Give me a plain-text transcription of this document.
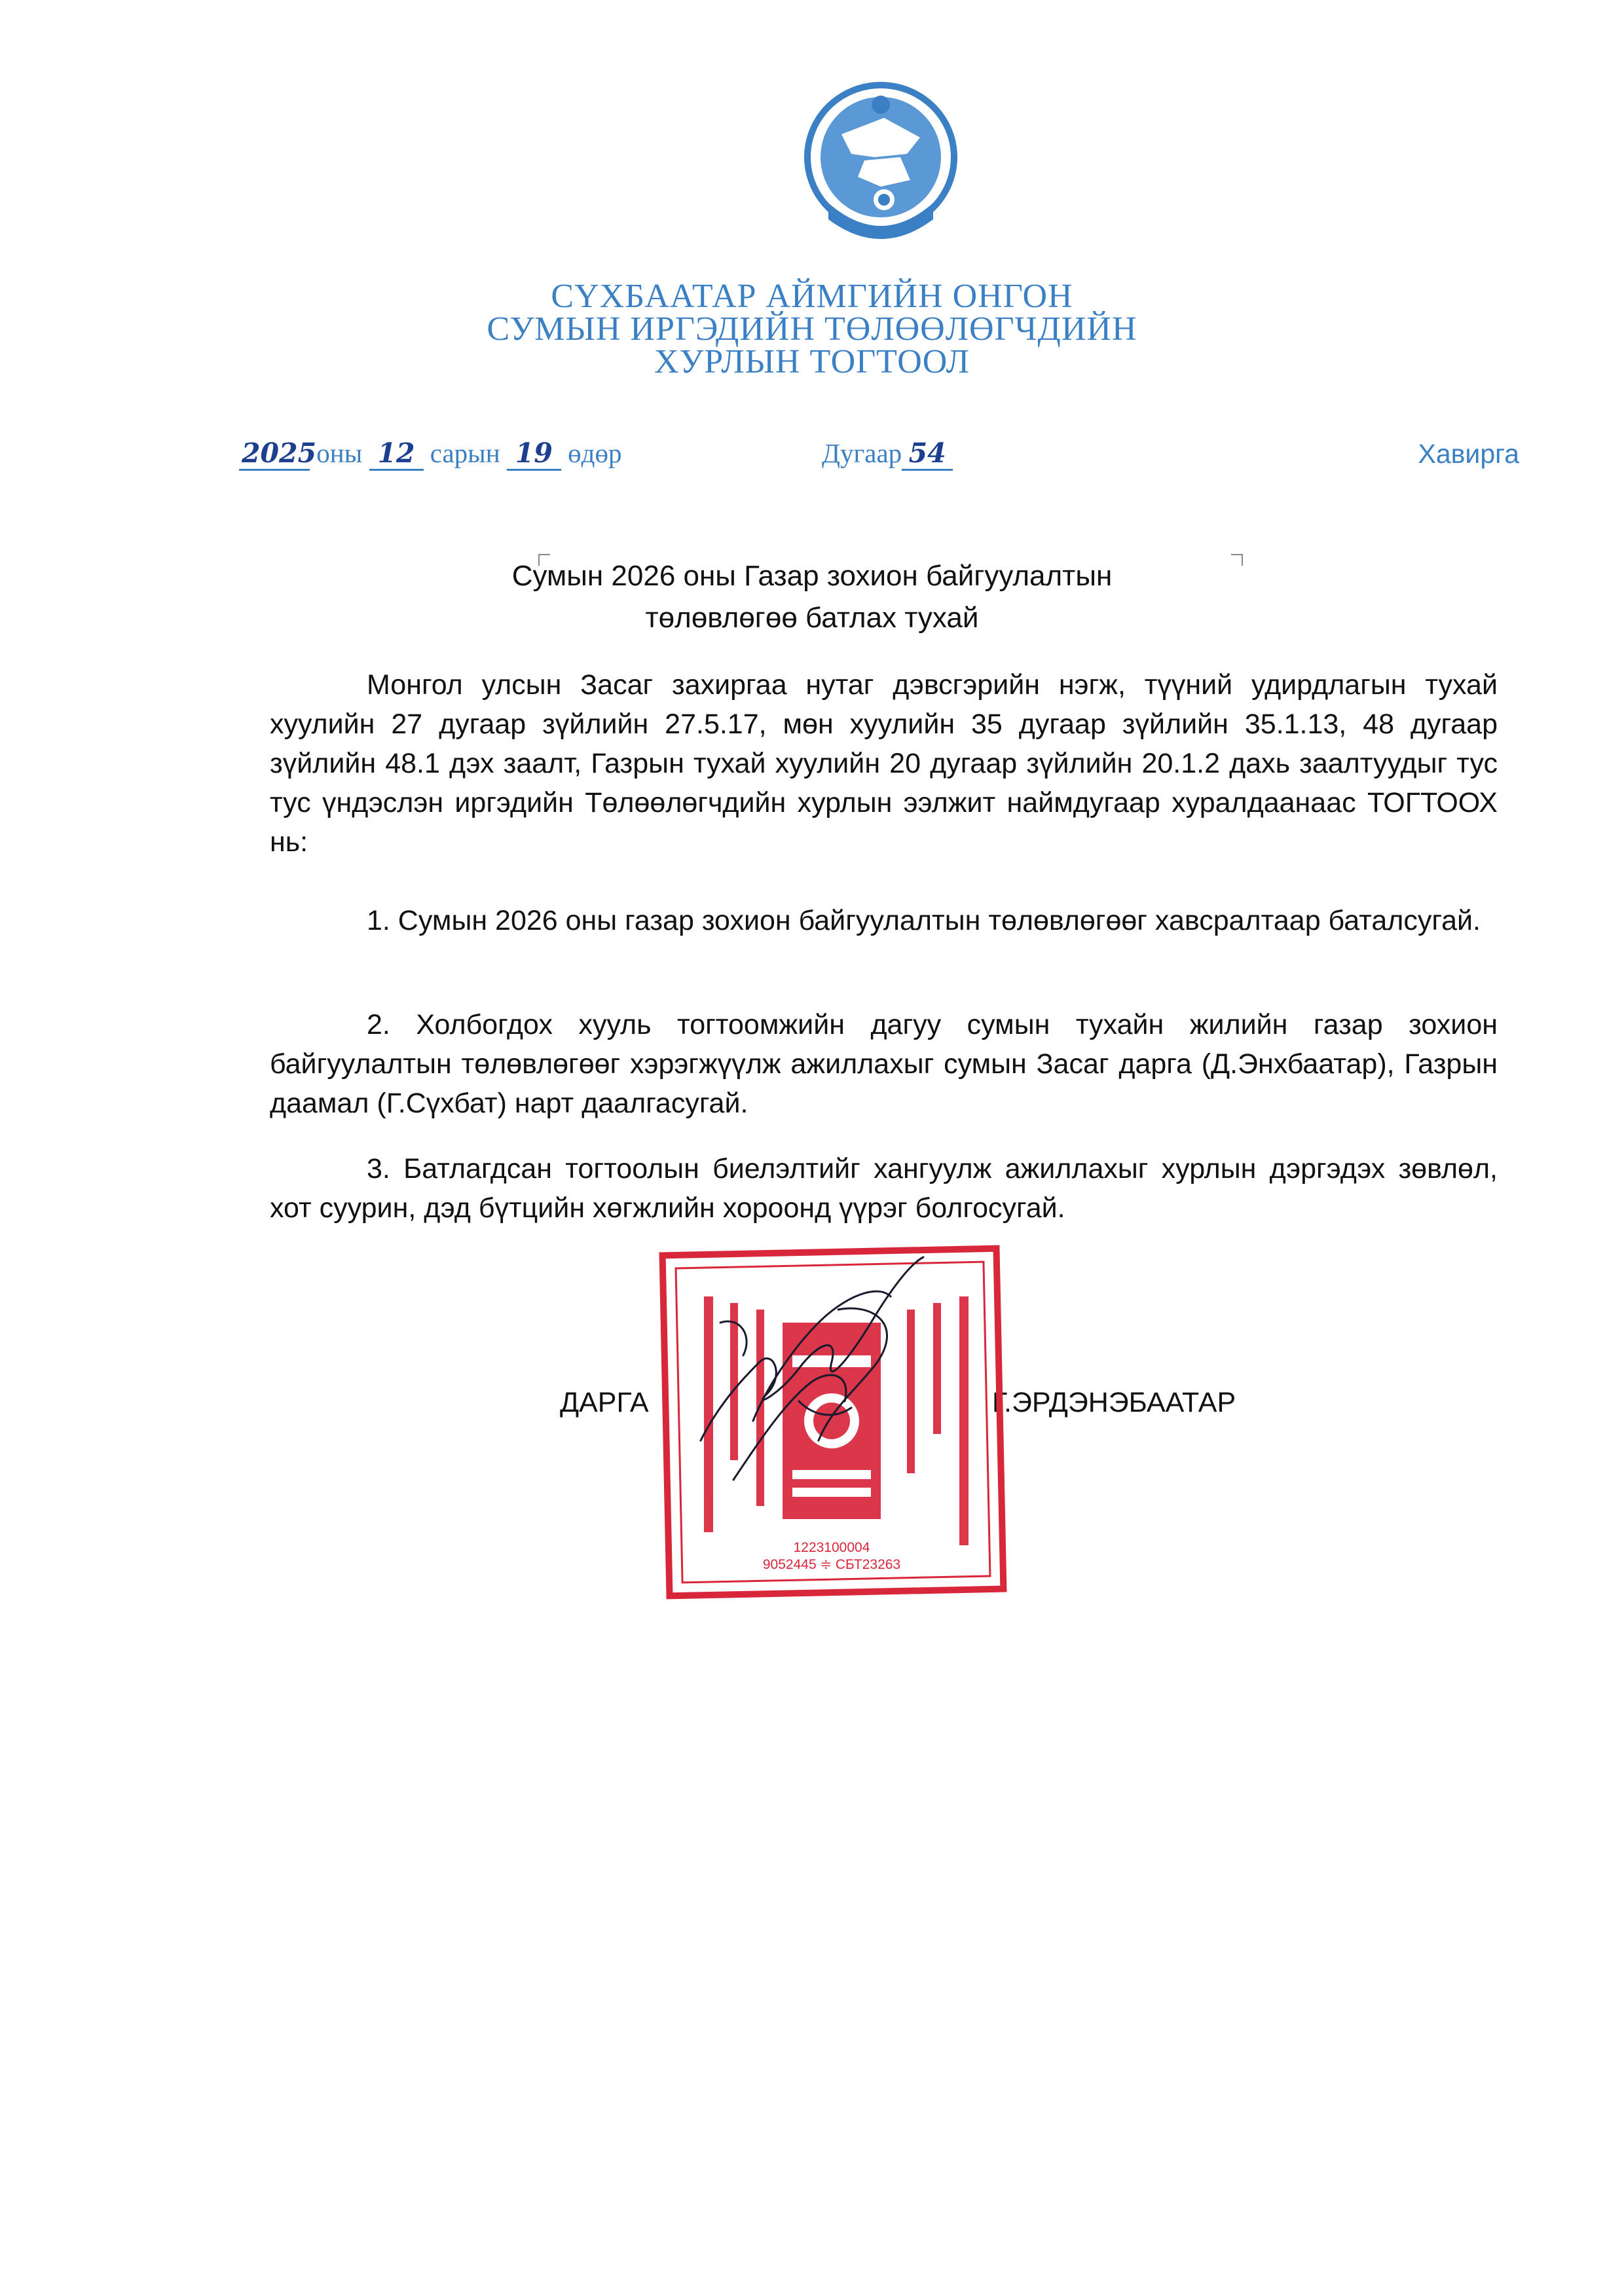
СҮХБААТАР АЙМГИЙН ОНГОН
СУМЫН ИРГЭДИЙН ТӨЛӨӨЛӨГЧДИЙН
ХУРЛЫН ТОГТООЛ
2025 оны 12 сарын 19 өдөр	Дугаар 54	Хавирга
Сумын 2026 оны Газар зохион байгуулалтын
төлөвлөгөө батлах тухай

Монгол улсын Засаг захиргаа нутаг дэвсгэрийн нэгж, түүний удирдлагын тухай хуулийн 27 дугаар зүйлийн 27.5.17, мөн хуулийн 35 дугаар зүйлийн 35.1.13, 48 дугаар зүйлийн 48.1 дэх заалт, Газрын тухай хуулийн 20 дугаар зүйлийн 20.1.2 дахь заалтуудыг тус тус үндэслэн иргэдийн Төлөөлөгчдийн хурлын ээлжит наймдугаар хуралдаанаас ТОГТООХ нь:

1. Сумын 2026 оны газар зохион байгуулалтын төлөвлөгөөг хавсралтаар баталсугай.

2. Холбогдох хууль тогтоомжийн дагуу сумын тухайн жилийн газар зохион байгуулалтын төлөвлөгөөг хэрэгжүүлж ажиллахыг сумын Засаг дарга (Д.Энхбаатар), Газрын даамал (Г.Сүхбат) нарт даалгасугай.

3. Батлагдсан тогтоолын биелэлтийг хангуулж ажиллахыг хурлын дэргэдэх зөвлөл, хот суурин, дэд бүтцийн хөгжлийн хороонд үүрэг болгосугай.

ДАРГА	Г.ЭРДЭНЭБААТАР
1223100004
9052445 ≑ СБТ23263
